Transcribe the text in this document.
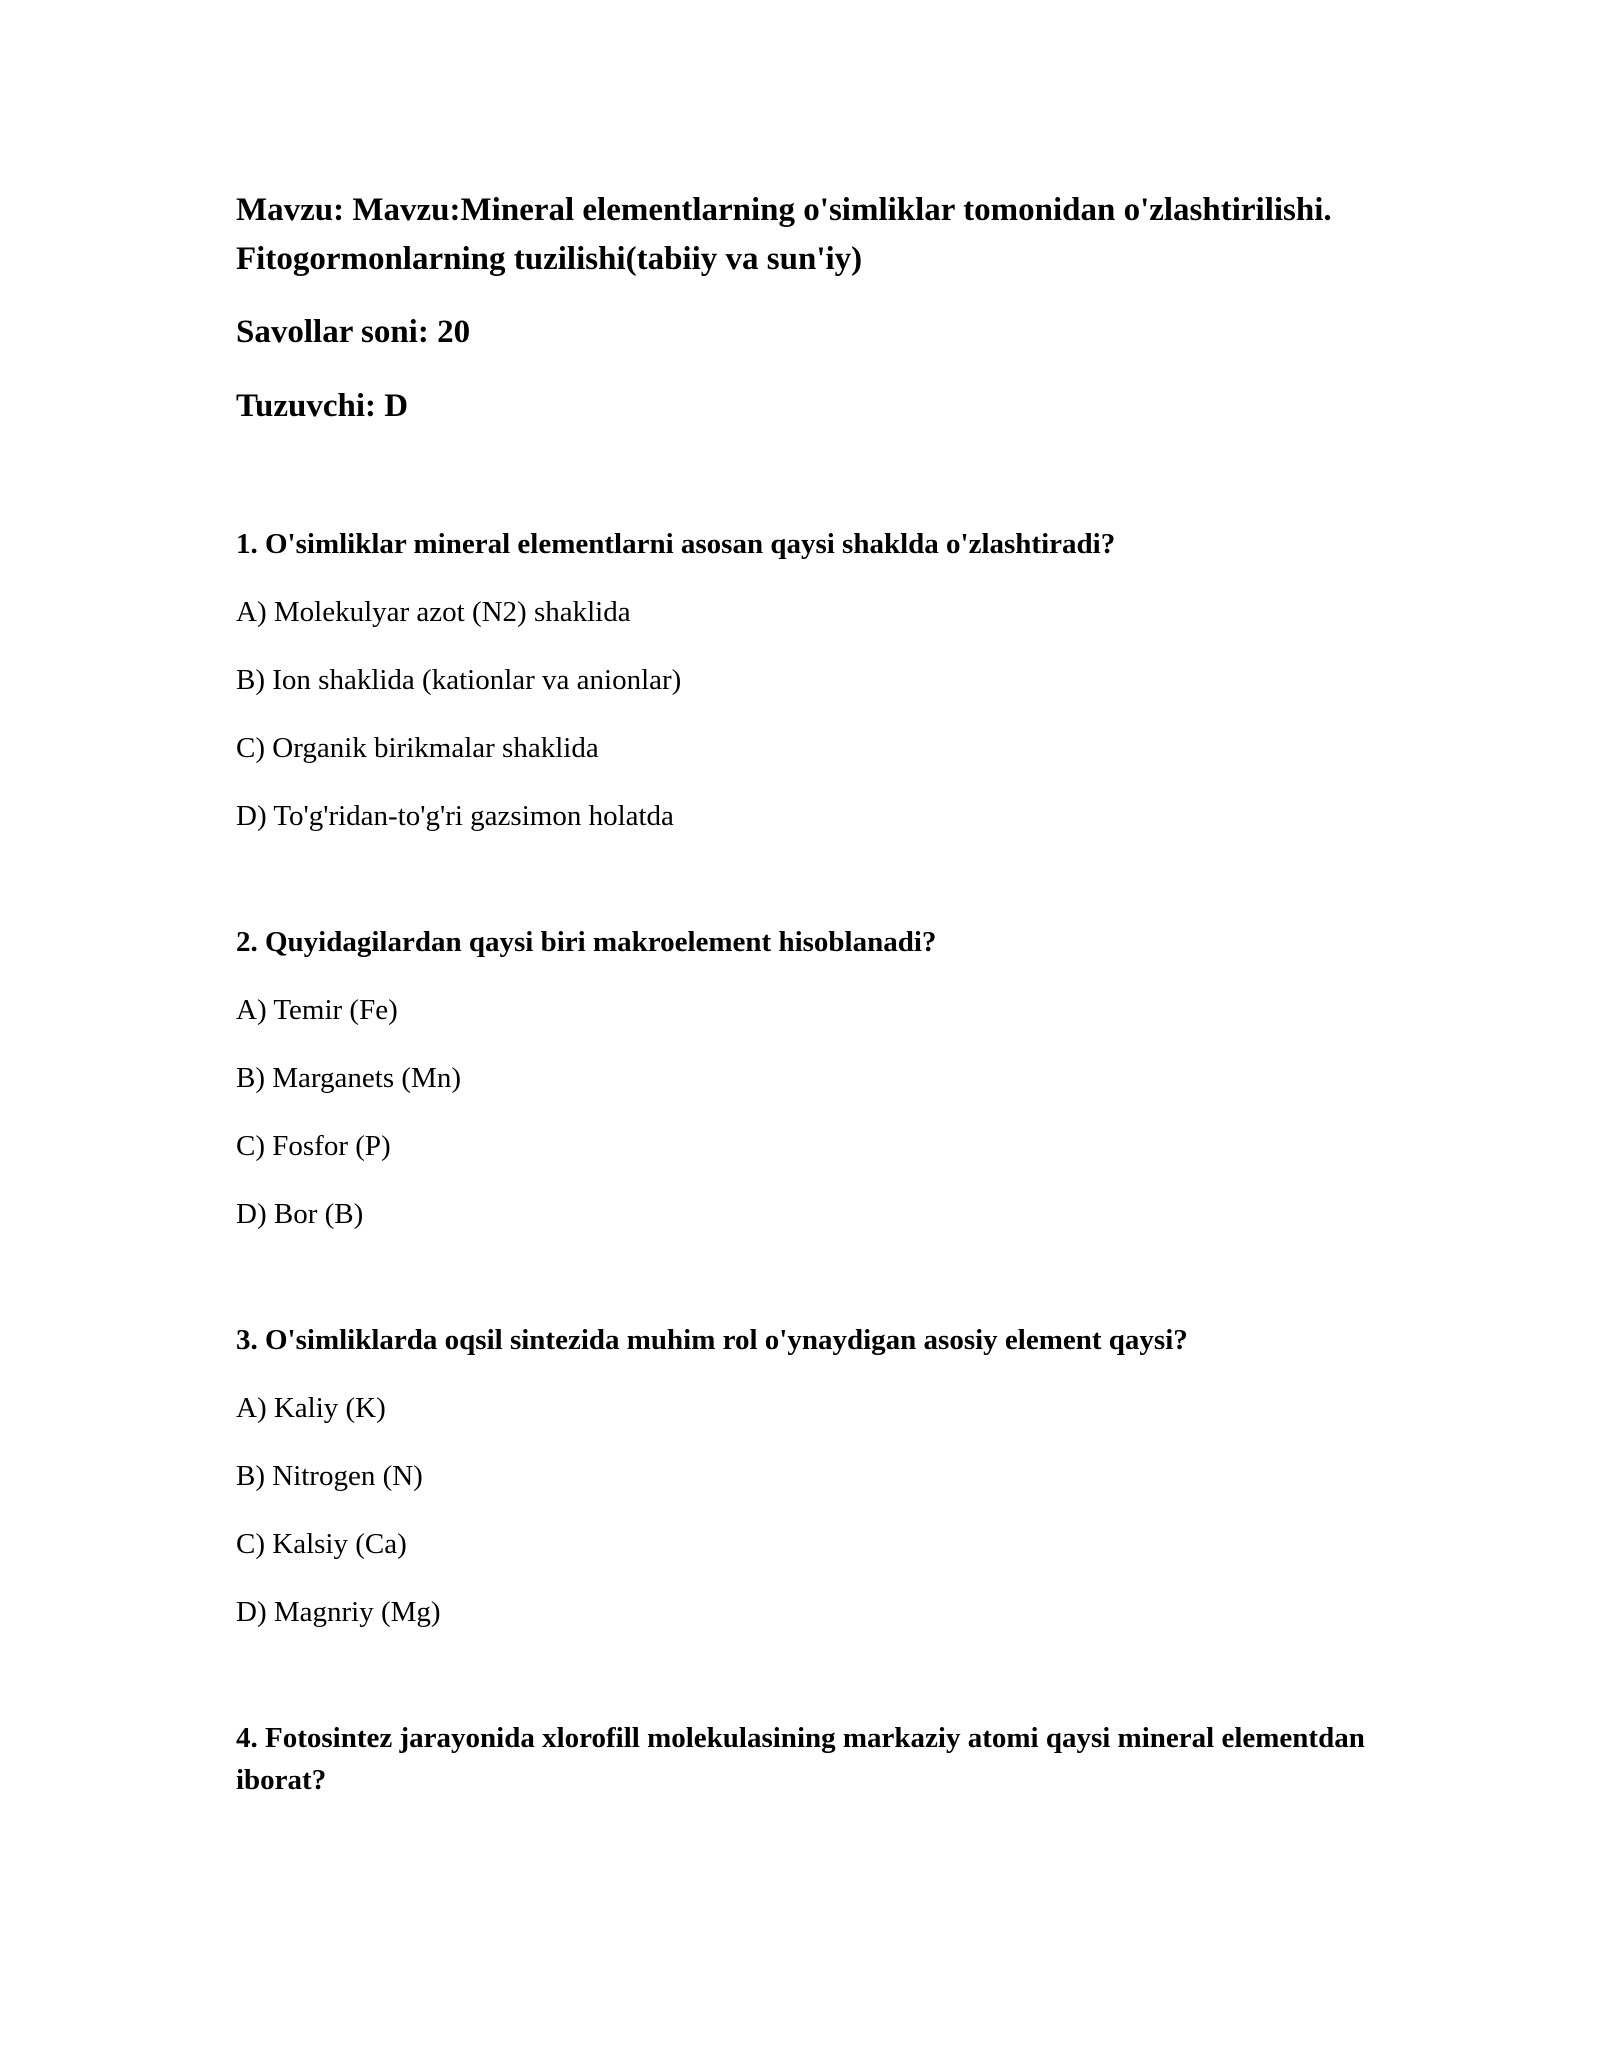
Mavzu: Mavzu:Mineral elementlarning o'simliklar tomonidan o'zlashtirilishi. Fitogormonlarning tuzilishi(tabiiy va sun'iy)

Savollar soni: 20

Tuzuvchi: D

1. O'simliklar mineral elementlarni asosan qaysi shaklda o'zlashtiradi?

A) Molekulyar azot (N2) shaklida

B) Ion shaklida (kationlar va anionlar)

C) Organik birikmalar shaklida

D) To'g'ridan-to'g'ri gazsimon holatda

2. Quyidagilardan qaysi biri makroelement hisoblanadi?

A) Temir (Fe)

B) Marganets (Mn)

C) Fosfor (P)

D) Bor (B)

3. O'simliklarda oqsil sintezida muhim rol o'ynaydigan asosiy element qaysi?

A) Kaliy (K)

B) Nitrogen (N)

C) Kalsiy (Ca)

D) Magnriy (Mg)

4. Fotosintez jarayonida xlorofill molekulasining markaziy atomi qaysi mineral elementdan iborat?
